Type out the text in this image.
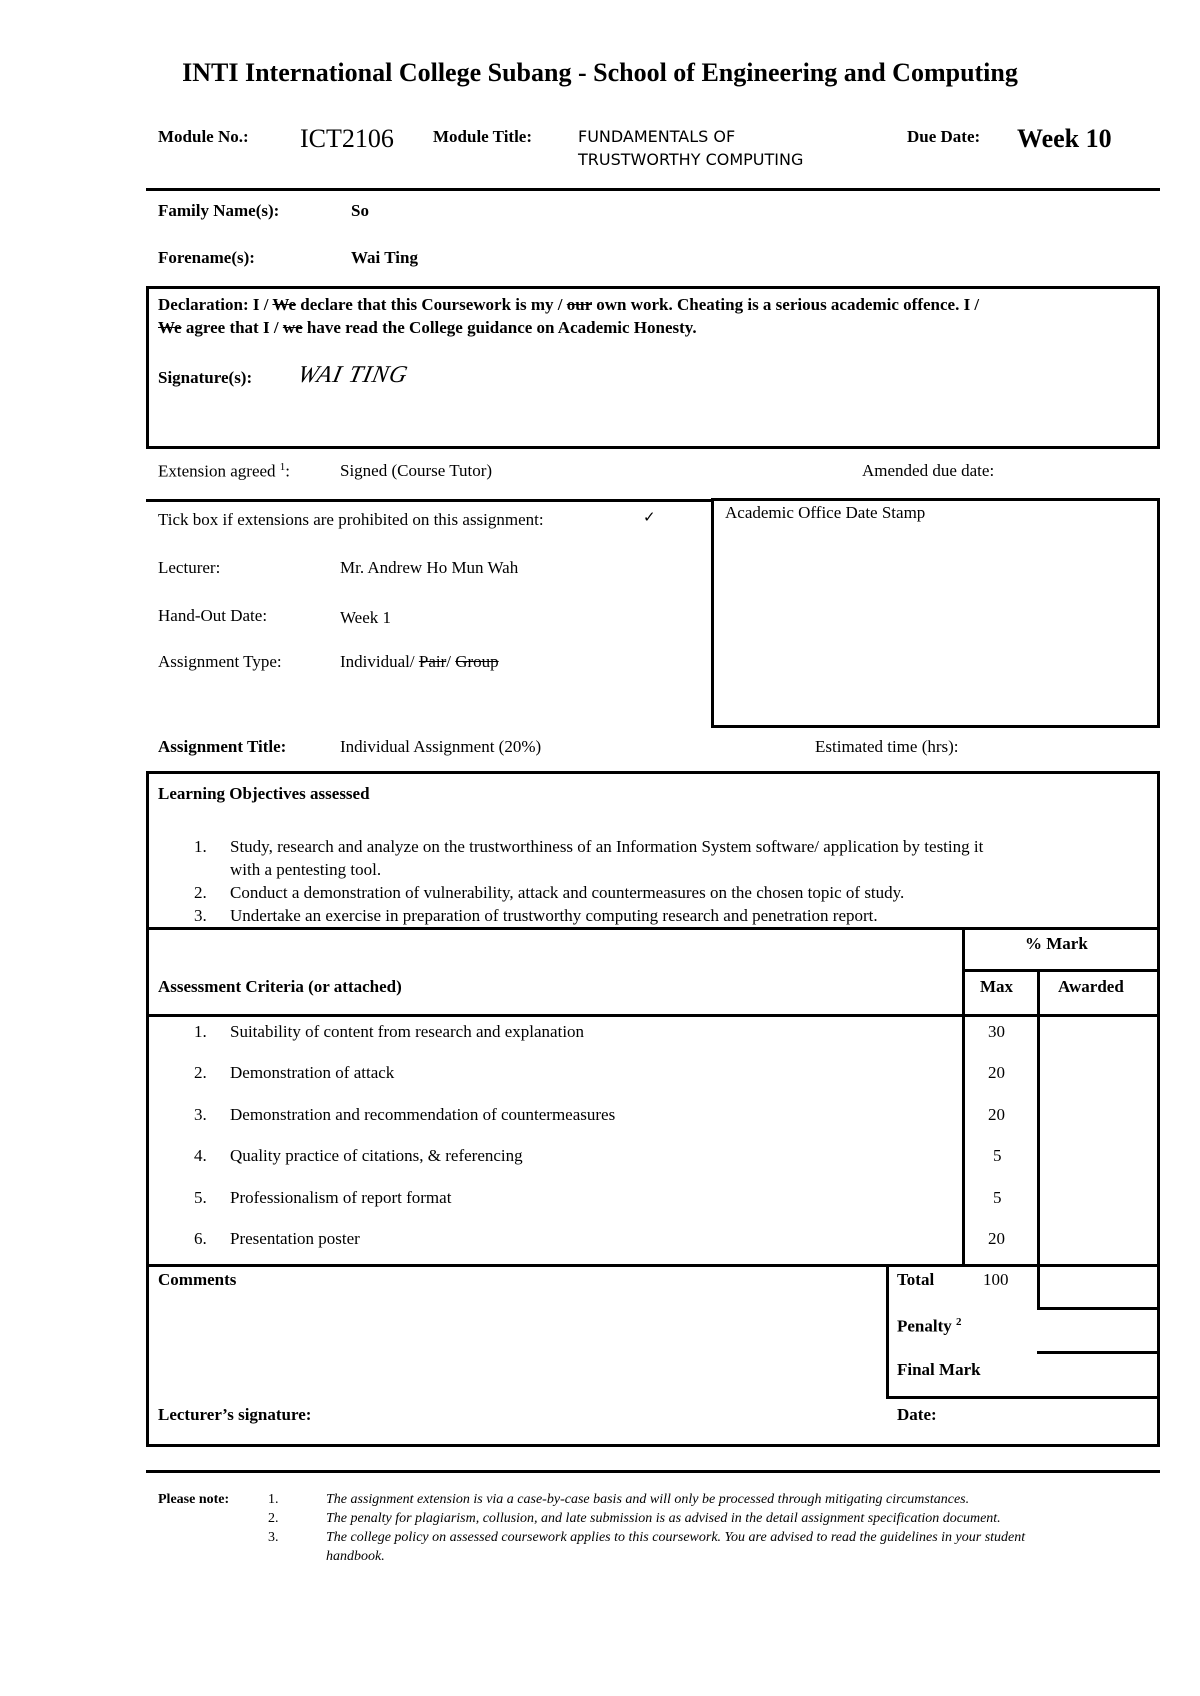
INTI International College Subang - School of Engineering and Computing
Module No.: ICT2106 Module Title:	FUNDAMENTALS OF
TRUSTWORTHY COMPUTING
Due Date: Week 10
Family Name(s):	So
Forename(s):	Wai Ting
Declaration: I / We declare that this Coursework is my / our own work. Cheating is a serious academic offence. I /
We agree that I / we have read the College guidance on Academic Honesty.
Signature(s): WAI TING
Extension agreed $^1$:	Signed (Course Tutor)	Amended due date:
Tick box if extensions are prohibited on this assignment:	✓
Lecturer:	Mr. Andrew Ho Mun Wah
Hand-Out Date:	Week 1
Assignment Type:	Individual/ Pair/ Group
Academic Office Date Stamp
Assignment Title:	Individual Assignment (20%)	Estimated time (hrs):
Learning Objectives assessed
1. Study, research and analyze on the trustworthiness of an Information System software/ application by testing it
with a pentesting tool.
2. Conduct a demonstration of vulnerability, attack and countermeasures on the chosen topic of study.
3. Undertake an exercise in preparation of trustworthy computing research and penetration report.
% Mark
Assessment Criteria (or attached)	Max	Awarded
1. Suitability of content from research and explanation	30
2. Demonstration of attack	20
3. Demonstration and recommendation of countermeasures	20
4. Quality practice of citations, & referencing	5
5. Professionalism of report format	5
6. Presentation poster	20
Comments	Total	100
Penalty $^2$
Final Mark
Lecturer’s signature:	Date:
Please note:	1.	The assignment extension is via a case-by-case basis and will only be processed through mitigating circumstances.
2.	The penalty for plagiarism, collusion, and late submission is as advised in the detail assignment specification document.
3.	The college policy on assessed coursework applies to this coursework. You are advised to read the guidelines in your student
handbook.
